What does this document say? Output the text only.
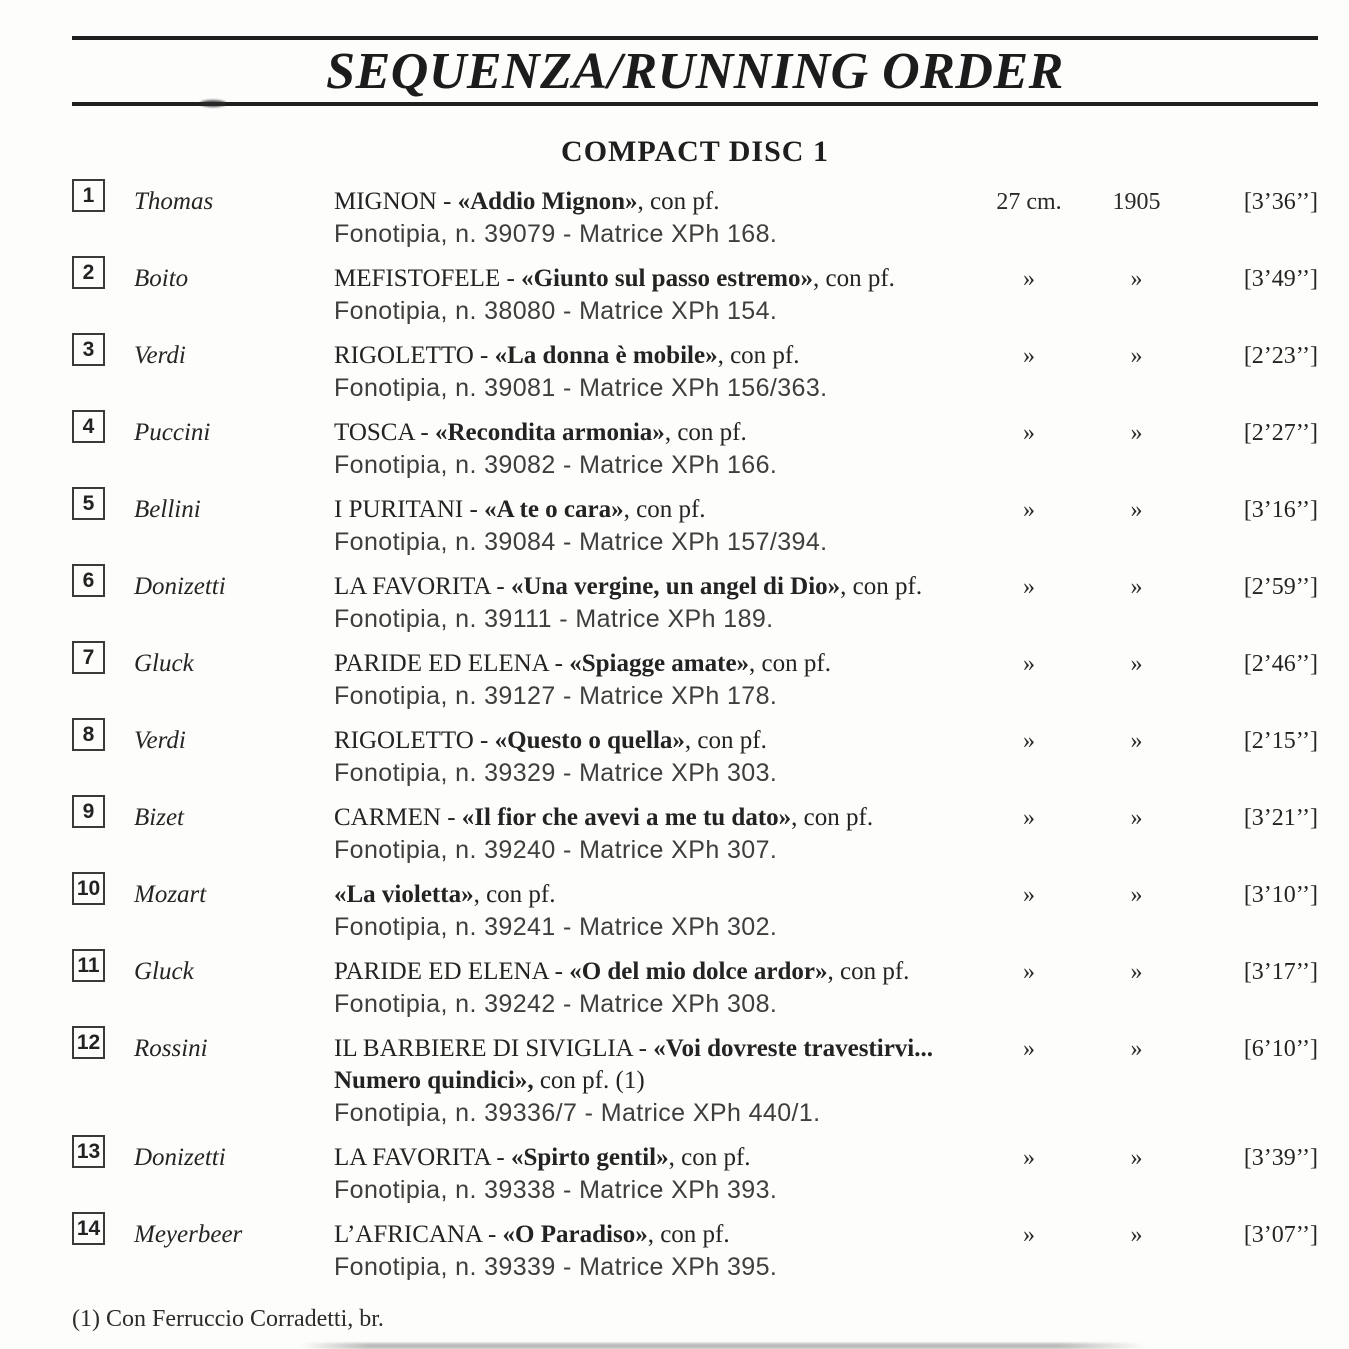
SEQUENZA/RUNNING ORDER
COMPACT DISC 1
1	Thomas	MIGNON - «Addio Mignon», con pf.
Fonotipia, n. 39079 - Matrice XPh 168.
27 cm.	1905	[3’36’’]
2	Boito	MEFISTOFELE - «Giunto sul passo estremo», con pf.
Fonotipia, n. 38080 - Matrice XPh 154.
»	»	[3’49’’]
3	Verdi	RIGOLETTO - «La donna è mobile», con pf.
Fonotipia, n. 39081 - Matrice XPh 156/363.
»	»	[2’23’’]
4	Puccini	TOSCA - «Recondita armonia», con pf.
Fonotipia, n. 39082 - Matrice XPh 166.
»	»	[2’27’’]
5	Bellini	I PURITANI - «A te o cara», con pf.
Fonotipia, n. 39084 - Matrice XPh 157/394.
»	»	[3’16’’]
6	Donizetti	LA FAVORITA - «Una vergine, un angel di Dio», con pf.
Fonotipia, n. 39111 - Matrice XPh 189.
»	»	[2’59’’]
7	Gluck	PARIDE ED ELENA - «Spiagge amate», con pf.
Fonotipia, n. 39127 - Matrice XPh 178.
»	»	[2’46’’]
8	Verdi	RIGOLETTO - «Questo o quella», con pf.
Fonotipia, n. 39329 - Matrice XPh 303.
»	»	[2’15’’]
9	Bizet	CARMEN - «Il fior che avevi a me tu dato», con pf.
Fonotipia, n. 39240 - Matrice XPh 307.
»	»	[3’21’’]
10	Mozart	«La violetta», con pf.
Fonotipia, n. 39241 - Matrice XPh 302.
»	»	[3’10’’]
11	Gluck	PARIDE ED ELENA - «O del mio dolce ardor», con pf.
Fonotipia, n. 39242 - Matrice XPh 308.
»	»	[3’17’’]
12	Rossini	IL BARBIERE DI SIVIGLIA - «Voi dovreste travestirvi...
Numero quindici», con pf. (1)
Fonotipia, n. 39336/7 - Matrice XPh 440/1.
»	»	[6’10’’]
13	Donizetti	LA FAVORITA - «Spirto gentil», con pf.
Fonotipia, n. 39338 - Matrice XPh 393.
»	»	[3’39’’]
14	Meyerbeer	L’AFRICANA - «O Paradiso», con pf.
Fonotipia, n. 39339 - Matrice XPh 395.
»	»	[3’07’’]
(1) Con Ferruccio Corradetti, br.
